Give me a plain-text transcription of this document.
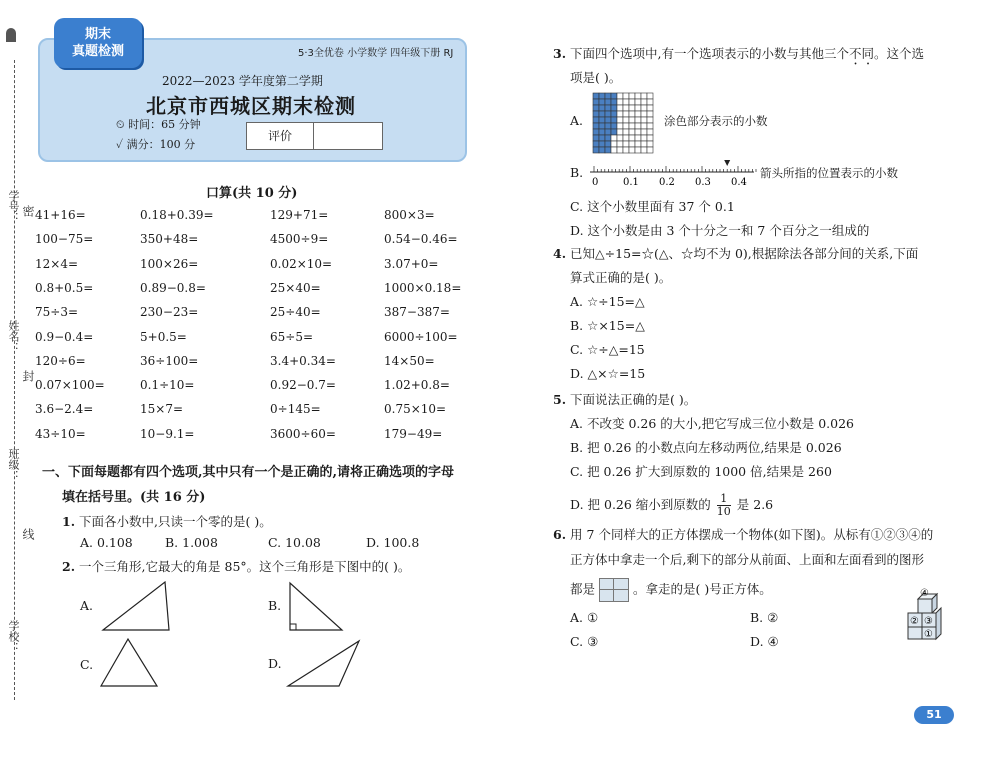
学号： 密
姓名：
封
班级：
线
学校：
5·3全优卷 小学数学 四年级下册 RJ
2022—2023 学年度第二学期
北京市西城区期末检测
⏲ 时间：65 分钟
✓ 满分：100 分
评价
期末
真题检测
口算(共 10 分)
41+16=	0.18+0.39=	129+71=	800×3=
100−75=	350+48=	4500÷9=	0.54−0.46=
12×4=	100×26=	0.02×10=	3.07+0=
0.8+0.5=	0.89−0.8=	25×40=	1000×0.18=
75÷3=	230−23=	25÷40=	387−387=
0.9−0.4=	5+0.5=	65÷5=	6000÷100=
120÷6=	36÷100=	3.4+0.34=	14×50=
0.07×100=	0.1÷10=	0.92−0.7=	1.02+0.8=
3.6−2.4=	15×7=	0÷145=	0.75×10=
43÷10=	10−9.1=	3600÷60=	179−49=
一、下面每题都有四个选项,其中只有一个是正确的,请将正确选项的字母
填在括号里。(共 16 分)
1. 下面各小数中,只读一个零的是( )。
A. 0.108	B. 1.008	C. 10.08	D. 100.8
2. 一个三角形,它最大的角是 85°。这个三角形是下图中的( )。
A.	B.
C.	D.
3. 下面四个选项中,有一个选项表示的小数与其他三个不同。这个选
项是( )。
A.	涂色部分表示的小数
B.
0 0.1 0.2 0.3 0.4
箭头所指的位置表示的小数
C. 这个小数里面有 37 个 0.1
D. 这个小数是由 3 个十分之一和 7 个百分之一组成的
4. 已知△÷15=☆(△、☆均不为 0),根据除法各部分间的关系,下面
算式正确的是( )。
A. ☆÷15=△
B. ☆×15=△
C. ☆÷△=15
D. △×☆=15
5. 下面说法正确的是( )。
A. 不改变 0.26 的大小,把它写成三位小数是 0.026
B. 把 0.26 的小数点向左移动两位,结果是 0.026
C. 把 0.26 扩大到原数的 1000 倍,结果是 260
D. 把 0.26 缩小到原数的 $\frac{1}{10}$ 是 2.6
6. 用 7 个同样大的正方体摆成一个物体(如下图)。从标有①②③④的
正方体中拿走一个后,剩下的部分从前面、上面和左面看到的图形
都是	。拿走的是( )号正方体。
A. ①	B. ②
C. ③	D. ④
④
② ③
①
51
